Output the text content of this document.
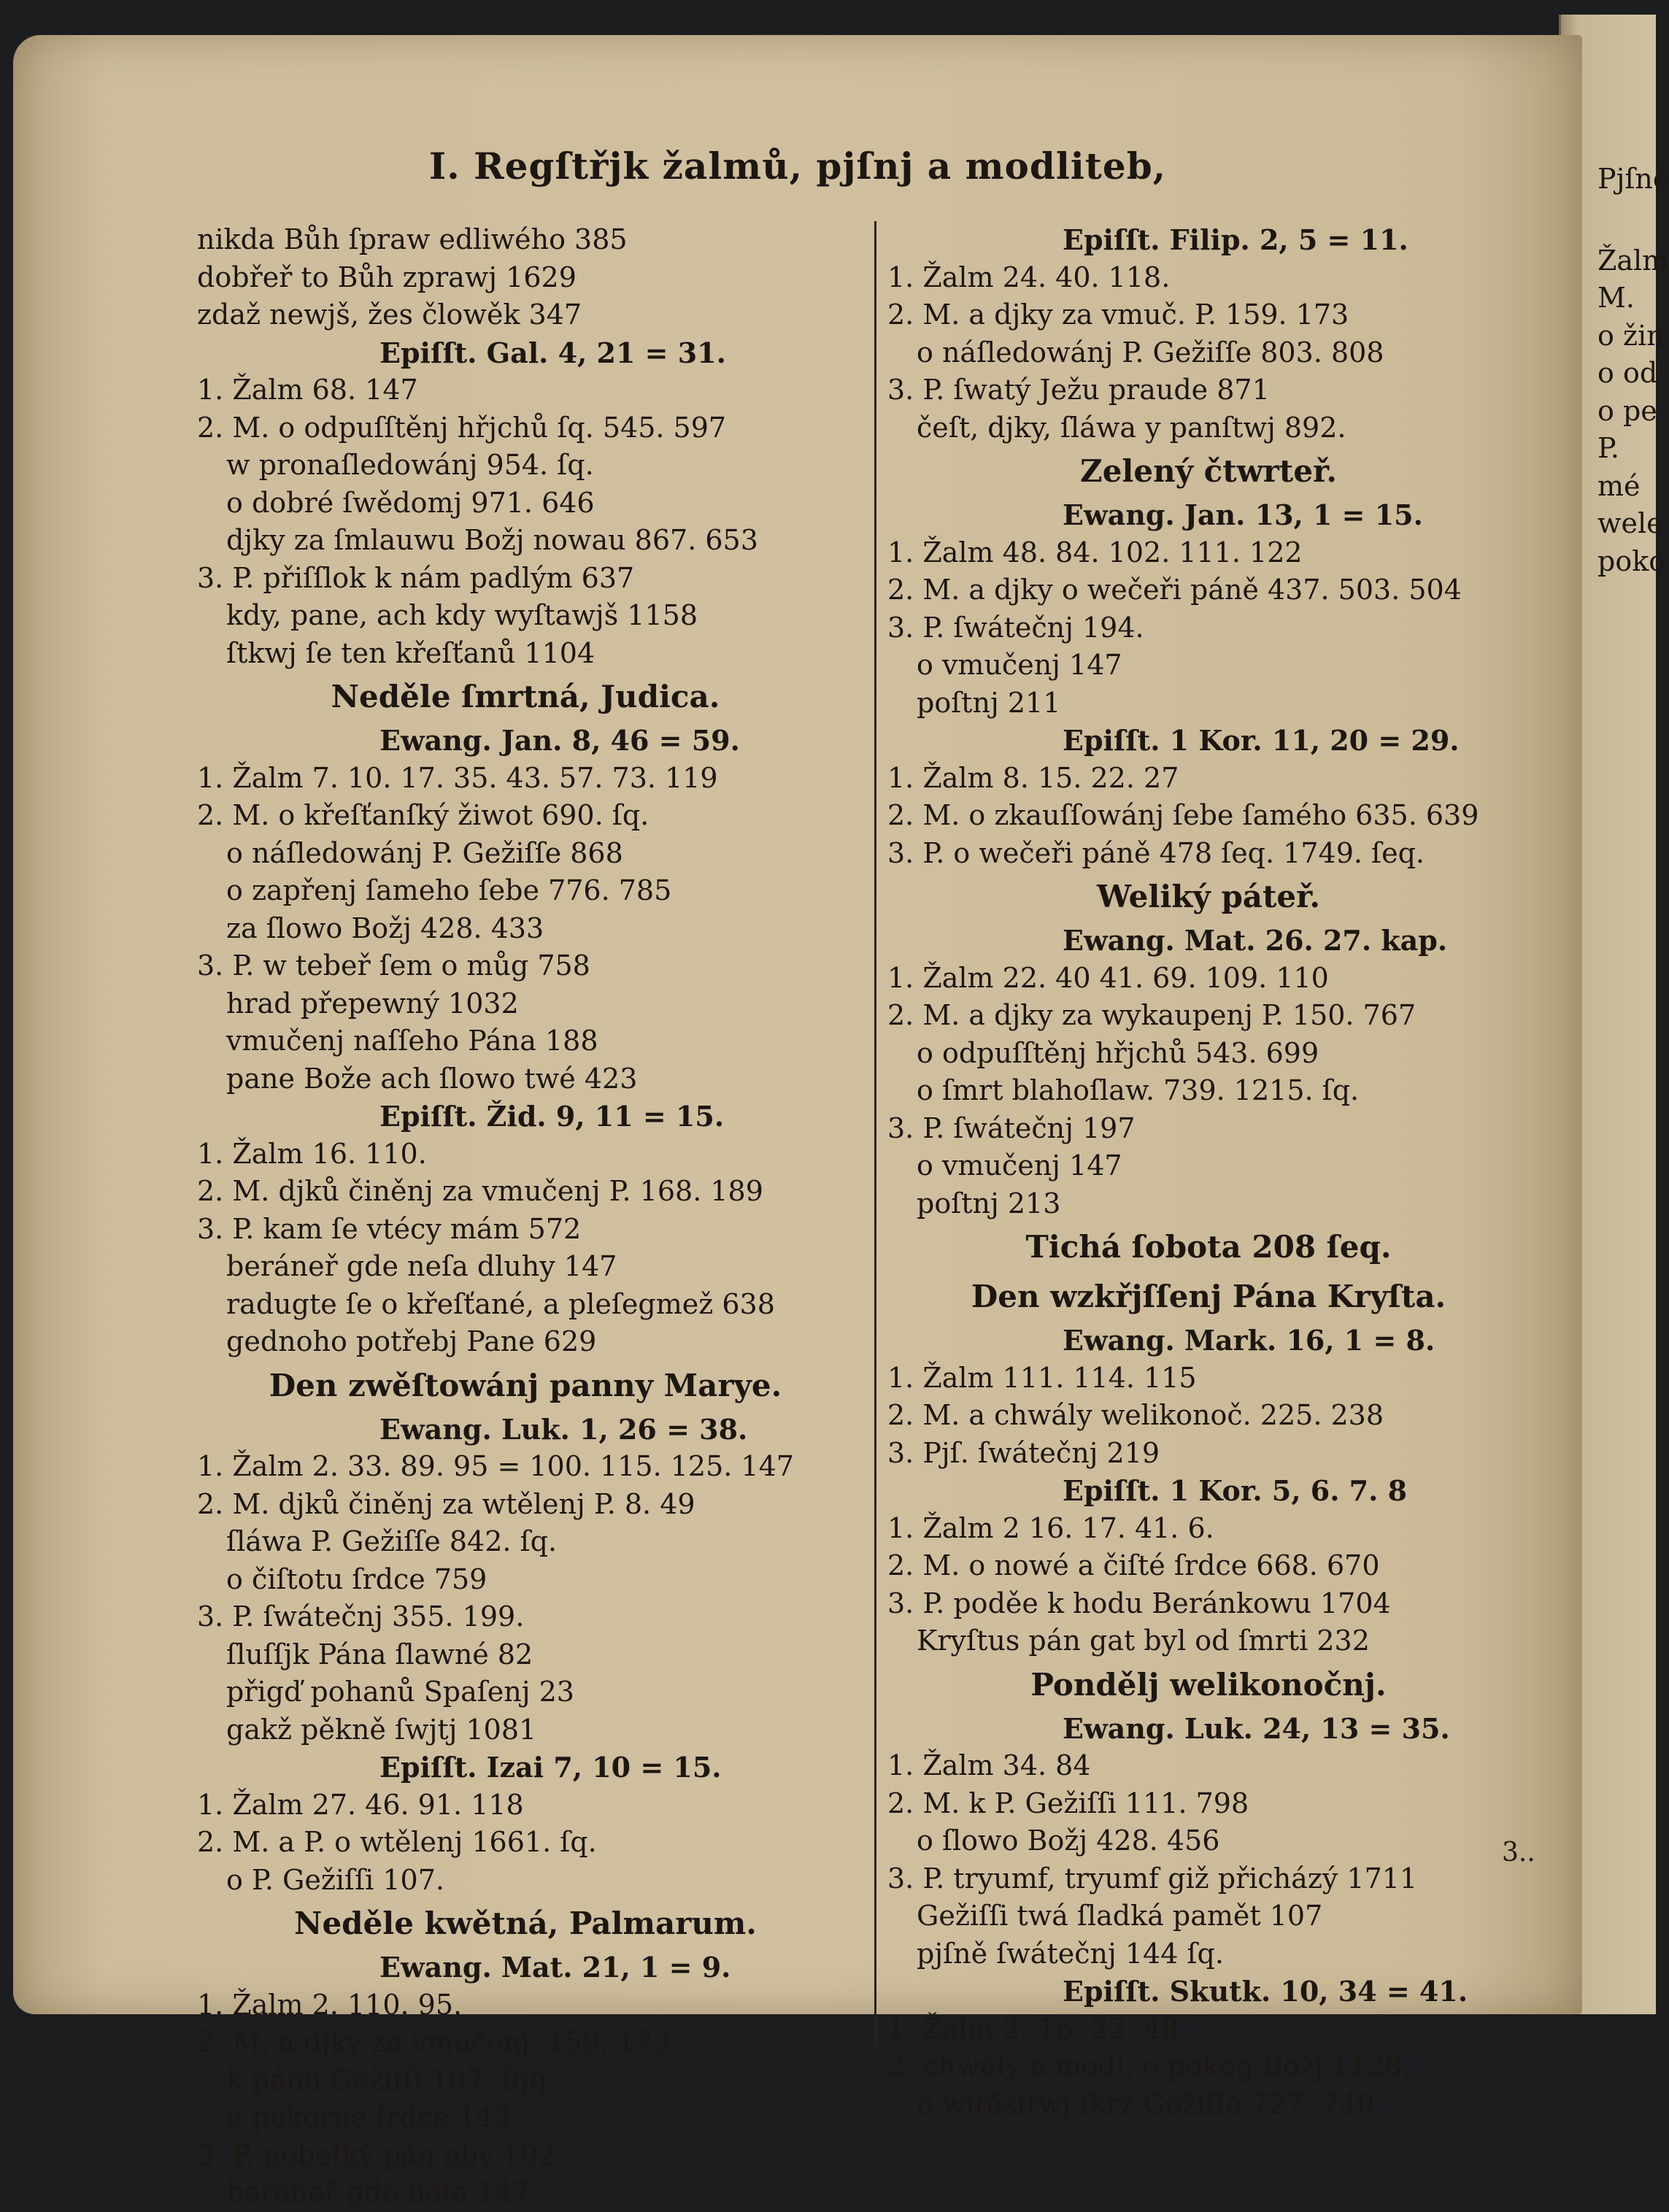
Pjſně
Žalm
M.
o žin
o od
o pe
P.
mé
wele
poko
I. Regſtřjk žalmů, pjſnj a modliteb,
nikda Bůh ſpraw edliwého 385
dobřeř to Bůh zprawj 1629
zdaž newjš, žes člowěk 347
Epiſſt. Gal. 4, 21 = 31.
1. Žalm 68. 147
2. M. o odpuſſtěnj hřjchů ſq. 545. 597
w pronaſledowánj 954. ſq.
o dobré ſwědomj 971. 646
djky za ſmlauwu Božj nowau 867. 653
3. P. přiſſlok k nám padlým 637
kdy, pane, ach kdy wyſtawjš 1158
ſtkwj ſe ten křeſťanů 1104
Neděle ſmrtná, Judica.
Ewang. Jan. 8, 46 = 59.
1. Žalm 7. 10. 17. 35. 43. 57. 73. 119
2. M. o křeſťanſký žiwot 690. ſq.
o náſledowánj P. Gežiſſe 868
o zapřenj ſameho ſebe 776. 785
za ſlowo Božj 428. 433
3. P. w tebeř ſem o můg 758
hrad přepewný 1032
vmučenj naſſeho Pána 188
pane Bože ach ſlowo twé 423
Epiſſt. Žid. 9, 11 = 15.
1. Žalm 16. 110.
2. M. djků činěnj za vmučenj P. 168. 189
3. P. kam ſe vtécy mám 572
beráneř gde neſa dluhy 147
radugte ſe o křeſťané, a pleſegmež 638
gednoho potřebj Pane 629
Den zwěſtowánj panny Marye.
Ewang. Luk. 1, 26 = 38.
1. Žalm 2. 33. 89. 95 = 100. 115. 125. 147
2. M. djků činěnj za wtělenj P. 8. 49
ſláwa P. Gežiſſe 842. ſq.
o čiſtotu ſrdce 759
3. P. ſwátečnj 355. 199.
ſluſſjk Pána ſlawné 82
přigď pohanů Spaſenj 23
gakž pěkně ſwjtj 1081
Epiſſt. Izai 7, 10 = 15.
1. Žalm 27. 46. 91. 118
2. M. a P. o wtělenj 1661. ſq.
o P. Gežiſſi 107.
Neděle kwětná, Palmarum.
Ewang. Mat. 21, 1 = 9.
1. Žalm 2. 110. 95.
2. M. a djky za vmučenj. 159. 173
k pánu Gežiſſi 107. ſqq.
o pokorné ſrdce 143
3. P. nebeſký pán aby 192
beráneř gde neſa 147
Epiſſt. Filip. 2, 5 = 11.
1. Žalm 24. 40. 118.
2. M. a djky za vmuč. P. 159. 173
o náſledowánj P. Gežiſſe 803. 808
3. P. ſwatý Ježu praude 871
čeſt, djky, ſláwa y panſtwj 892.
Zelený čtwrteř.
Ewang. Jan. 13, 1 = 15.
1. Žalm 48. 84. 102. 111. 122
2. M. a djky o wečeři páně 437. 503. 504
3. P. ſwátečnj 194.
o vmučenj 147
poſtnj 211
Epiſſt. 1 Kor. 11, 20 = 29.
1. Žalm 8. 15. 22. 27
2. M. o zkauſſowánj ſebe ſamého 635. 639
3. P. o wečeři páně 478 ſeq. 1749. ſeq.
Weliký páteř.
Ewang. Mat. 26. 27. kap.
1. Žalm 22. 40 41. 69. 109. 110
2. M. a djky za wykaupenj P. 150. 767
o odpuſſtěnj hřjchů 543. 699
o ſmrt blahoſlaw. 739. 1215. ſq.
3. P. ſwátečnj 197
o vmučenj 147
poſtnj 213
Tichá ſobota 208 ſeq.
Den wzkřjſſenj Pána Kryſta.
Ewang. Mark. 16, 1 = 8.
1. Žalm 111. 114. 115
2. M. a chwály welikonoč. 225. 238
3. Pjſ. ſwátečnj 219
Epiſſt. 1 Kor. 5, 6. 7. 8
1. Žalm 2 16. 17. 41. 6.
2. M. o nowé a čiſté ſrdce 668. 670
3. P. poděe k hodu Beránkowu 1704
Kryſtus pán gat byl od ſmrti 232
Pondělj welikonočnj.
Ewang. Luk. 24, 13 = 35.
1. Žalm 34. 84
2. M. k P. Gežiſſi 111. 798
o ſlowo Božj 428. 456
3. P. tryumf, tryumf giž přicházý 1711
Gežiſſi twá ſladká pamět 107
pjſně ſwátečnj 144 ſq.
Epiſſt. Skutk. 10, 34 = 41.
1. Žalm 2. 16. 22. 48
2. chwály a modl. o pokog Božj 1128.
o witězſtwj ſkrz Gežiſſe 727. 740
3..
